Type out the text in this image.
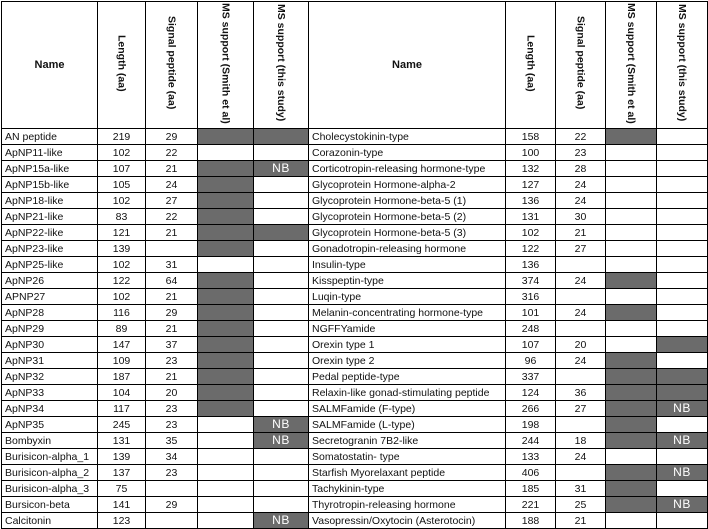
Name	Length (aa)	Signal peptide (aa)	MS support (Smith et al)	MS support (this study)	Name	Length (aa)	Signal peptide (aa)	MS support (Smith et al)	MS support (this study)
AN peptide	219	29			Cholecystokinin-type	158	22		
ApNP11-like	102	22			Corazonin-type	100	23		
ApNP15a-like	107	21		NB	Corticotropin-releasing hormone-type	132	28		
ApNP15b-like	105	24			Glycoprotein Hormone-alpha-2	127	24		
ApNP18-like	102	27			Glycoprotein Hormone-beta-5 (1)	136	24		
ApNP21-like	83	22			Glycoprotein Hormone-beta-5 (2)	131	30		
ApNP22-like	121	21			Glycoprotein Hormone-beta-5 (3)	102	21		
ApNP23-like	139				Gonadotropin-releasing hormone	122	27		
ApNP25-like	102	31			Insulin-type	136			
ApNP26	122	64			Kisspeptin-type	374	24		
APNP27	102	21			Luqin-type	316			
ApNP28	116	29			Melanin-concentrating hormone-type	101	24		
ApNP29	89	21			NGFFYamide	248			
ApNP30	147	37			Orexin type 1	107	20		
ApNP31	109	23			Orexin type 2	96	24		
ApNP32	187	21			Pedal peptide-type	337			
ApNP33	104	20			Relaxin-like gonad-stimulating peptide	124	36		
ApNP34	117	23			SALMFamide (F-type)	266	27		NB
ApNP35	245	23		NB	SALMFamide (L-type)	198			
Bombyxin	131	35		NB	Secretogranin 7B2-like	244	18		NB
Burisicon-alpha_1	139	34			Somatostatin- type	133	24		
Burisicon-alpha_2	137	23			Starfish Myorelaxant peptide	406			NB
Burisicon-alpha_3	75				Tachykinin-type	185	31		
Bursicon-beta	141	29			Thyrotropin-releasing hormone	221	25		NB
Calcitonin	123			NB	Vasopressin/Oxytocin (Asterotocin)	188	21		
